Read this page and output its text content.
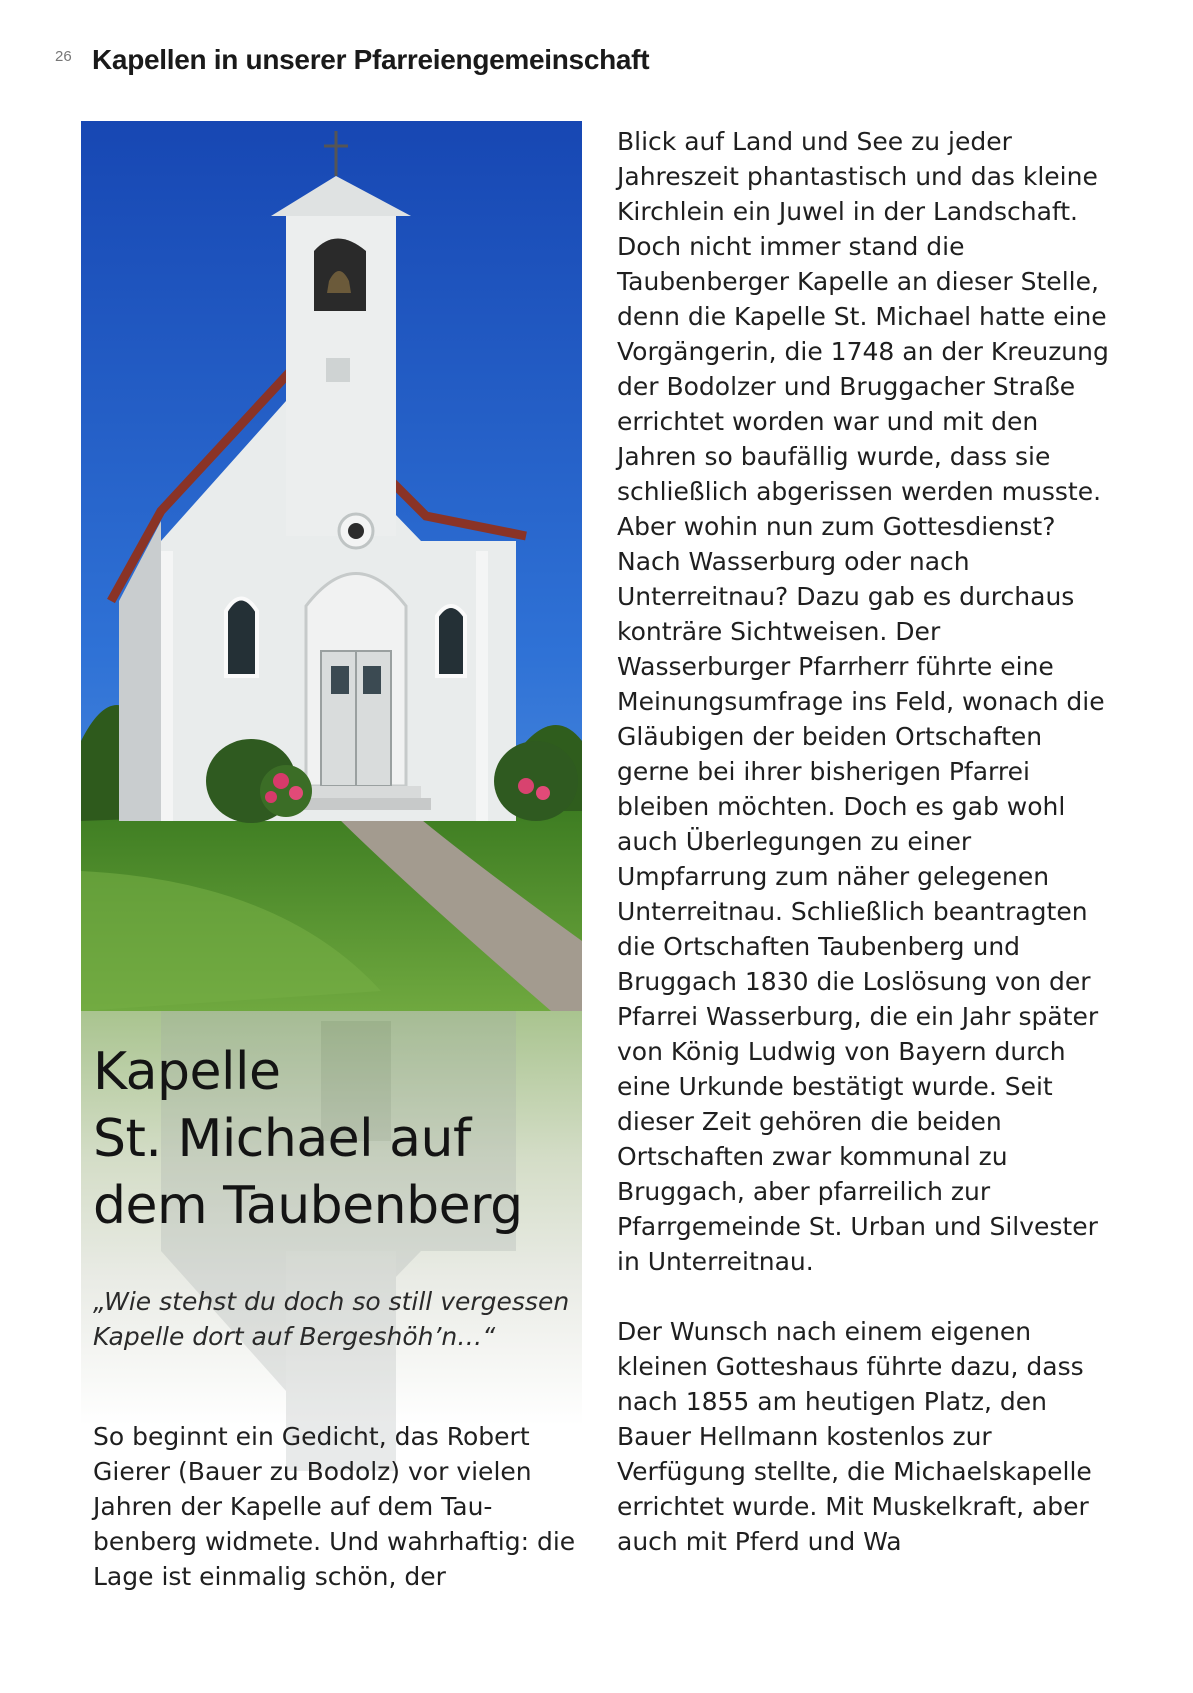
26 Kapellen in unserer Pfarreiengemeinschaft
Kapelle
St. Michael auf
dem Taubenberg

„Wie stehst du doch so still vergessen Kapelle dort auf Bergeshöh’n…“

So beginnt ein Gedicht, das Robert Gierer (Bauer zu Bodolz) vor vielen Jahren der Kapelle auf dem Taubenberg widmete. Und wahrhaftig: die Lage ist einmalig schön, der

Blick auf Land und See zu jeder Jahreszeit phantastisch und das kleine Kirchlein ein Juwel in der Landschaft. Doch nicht immer stand die Taubenberger Kapelle an dieser Stelle, denn die Kapelle St. Michael hatte eine Vorgängerin, die 1748 an der Kreuzung der Bodolzer und Bruggacher Straße errichtet worden war und mit den Jahren so baufällig wurde, dass sie schließlich abgerissen werden musste. Aber wohin nun zum Gottesdienst? Nach Wasserburg oder nach Unterreitnau? Dazu gab es durchaus konträre Sichtweisen. Der Wasserburger Pfarrherr führte eine Meinungsumfrage ins Feld, wonach die Gläubigen der beiden Ortschaften gerne bei ihrer bisherigen Pfarrei bleiben möchten. Doch es gab wohl auch Überlegungen zu einer Umpfarrung zum näher gelegenen Unterreitnau. Schließlich beantragten die Ortschaften Taubenberg und Bruggach 1830 die Loslösung von der Pfarrei Wasserburg, die ein Jahr später von König Ludwig von Bayern durch eine Urkunde bestätigt wurde. Seit dieser Zeit gehören die beiden Ortschaften zwar kommunal zu Bruggach, aber pfarreilich zur Pfarrgemeinde St. Urban und Silvester in Unterreitnau.

Der Wunsch nach einem eigenen kleinen Gotteshaus führte dazu, dass nach 1855 am heutigen Platz, den Bauer Hellmann kostenlos zur Verfügung stellte, die Michaelskapelle errichtet wurde. Mit Muskelkraft, aber auch mit Pferd und Wa
